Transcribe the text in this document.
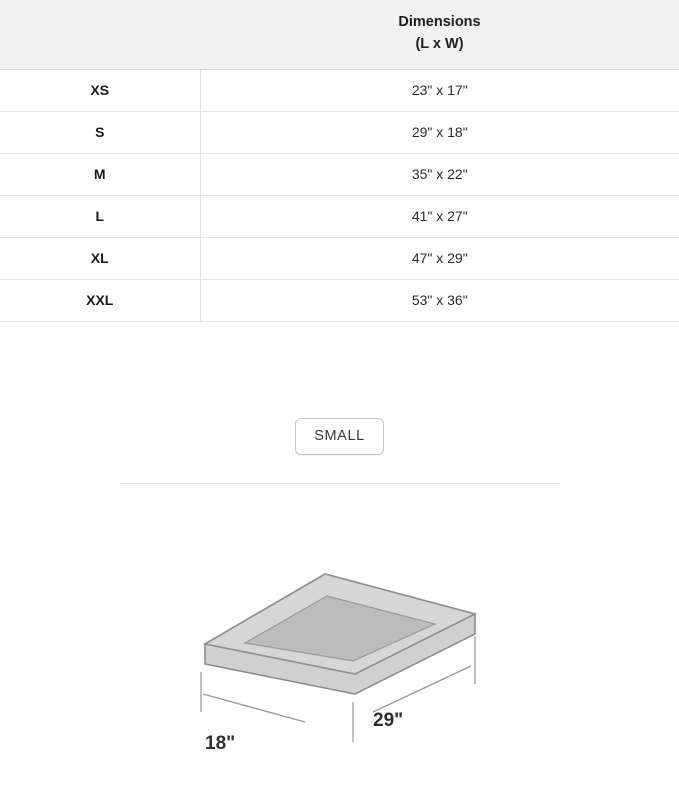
	Dimensions
(L x W)

XS	23" x 17"
S	29" x 18"
M	35" x 22"
L	41" x 27"
XL	47" x 29"
XXL	53" x 36"
SMALL
18"
29"
